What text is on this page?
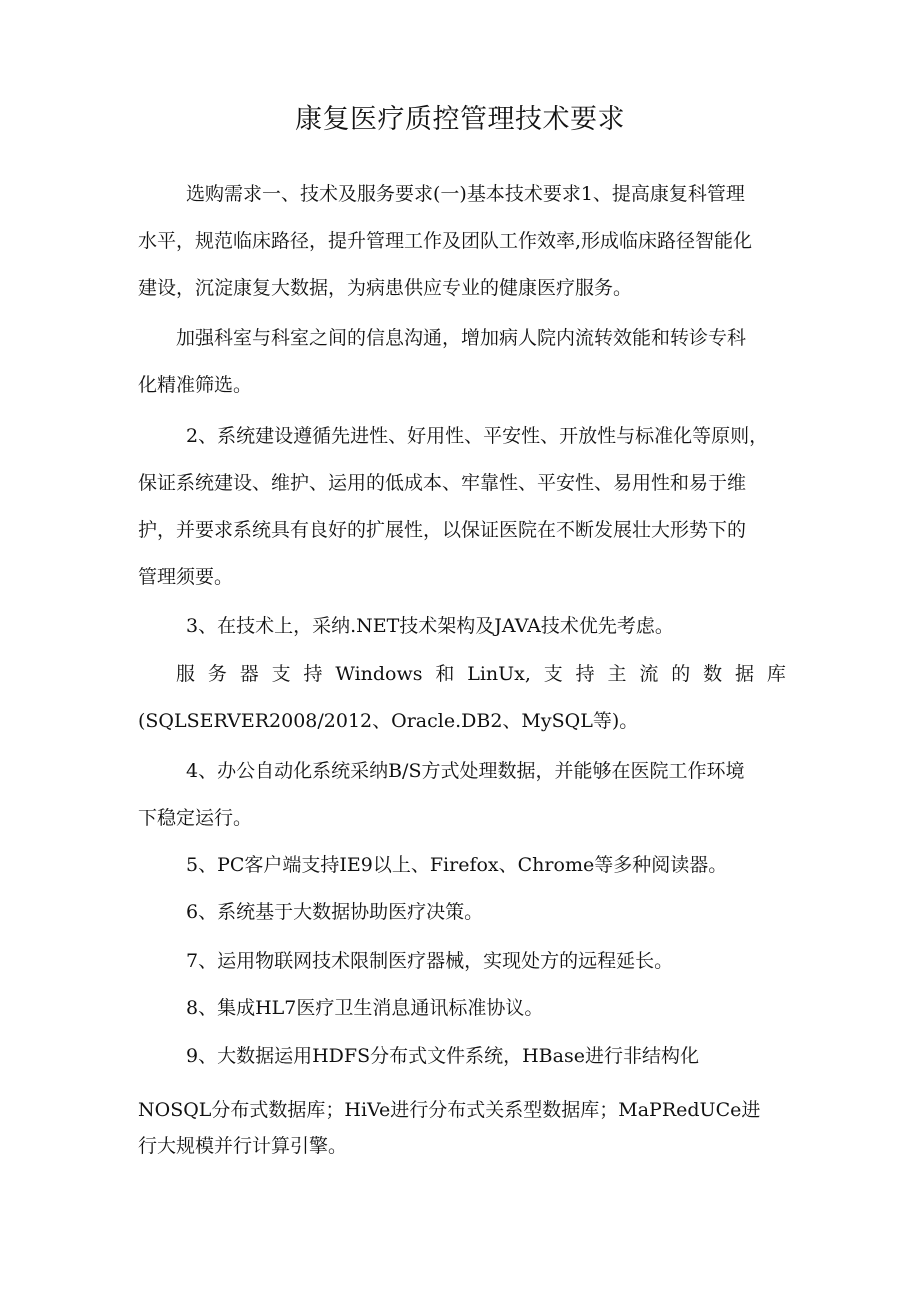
康复医疗质控管理技术要求
选购需求一、技术及服务要求(一)基本技术要求1、提高康复科管理
水平，规范临床路径，提升管理工作及团队工作效率,形成临床路径智能化
建设，沉淀康复大数据，为病患供应专业的健康医疗服务。
加强科室与科室之间的信息沟通，增加病人院内流转效能和转诊专科
化精准筛选。
2、系统建设遵循先进性、好用性、平安性、开放性与标准化等原则，
保证系统建设、维护、运用的低成本、牢靠性、平安性、易用性和易于维
护，并要求系统具有良好的扩展性，以保证医院在不断发展壮大形势下的
管理须要。
3、在技术上，采纳.NET技术架构及JAVA技术优先考虑。
服 务 器 支 持 Windows 和 LinUx, 支 持 主 流 的 数 据 库
(SQLSERVER2008/2012、Oracle.DB2、MySQL等)。
4、办公自动化系统采纳B/S方式处理数据，并能够在医院工作环境
下稳定运行。
5、PC客户端支持IE9以上、Firefox、Chrome等多种阅读器。
6、系统基于大数据协助医疗决策。
7、运用物联网技术限制医疗器械，实现处方的远程延长。
8、集成HL7医疗卫生消息通讯标准协议。
9、大数据运用HDFS分布式文件系统，HBase进行非结构化
NOSQL分布式数据库；HiVe进行分布式关系型数据库；MaPRedUCe进
行大规模并行计算引擎。
